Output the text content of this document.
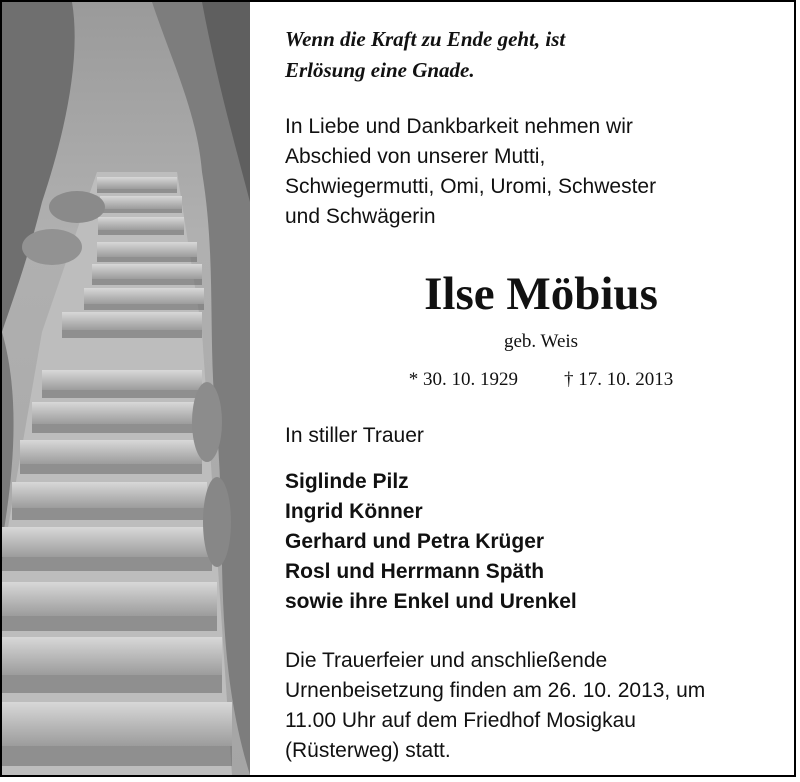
Wenn die Kraft zu Ende geht, ist
Erlösung eine Gnade.

In Liebe und Dankbarkeit nehmen wir
Abschied von unserer Mutti,
Schwiegermutti, Omi, Uromi, Schwester
und Schwägerin

Ilse Möbius
geb. Weis
* 30. 10. 1929 † 17. 10. 2013
In stiller Trauer
Siglinde Pilz
Ingrid Könner
Gerhard und Petra Krüger
Rosl und Herrmann Späth
sowie ihre Enkel und Urenkel

Die Trauerfeier und anschließende
Urnenbeisetzung finden am 26. 10. 2013, um
11.00 Uhr auf dem Friedhof Mosigkau
(Rüsterweg) statt.
